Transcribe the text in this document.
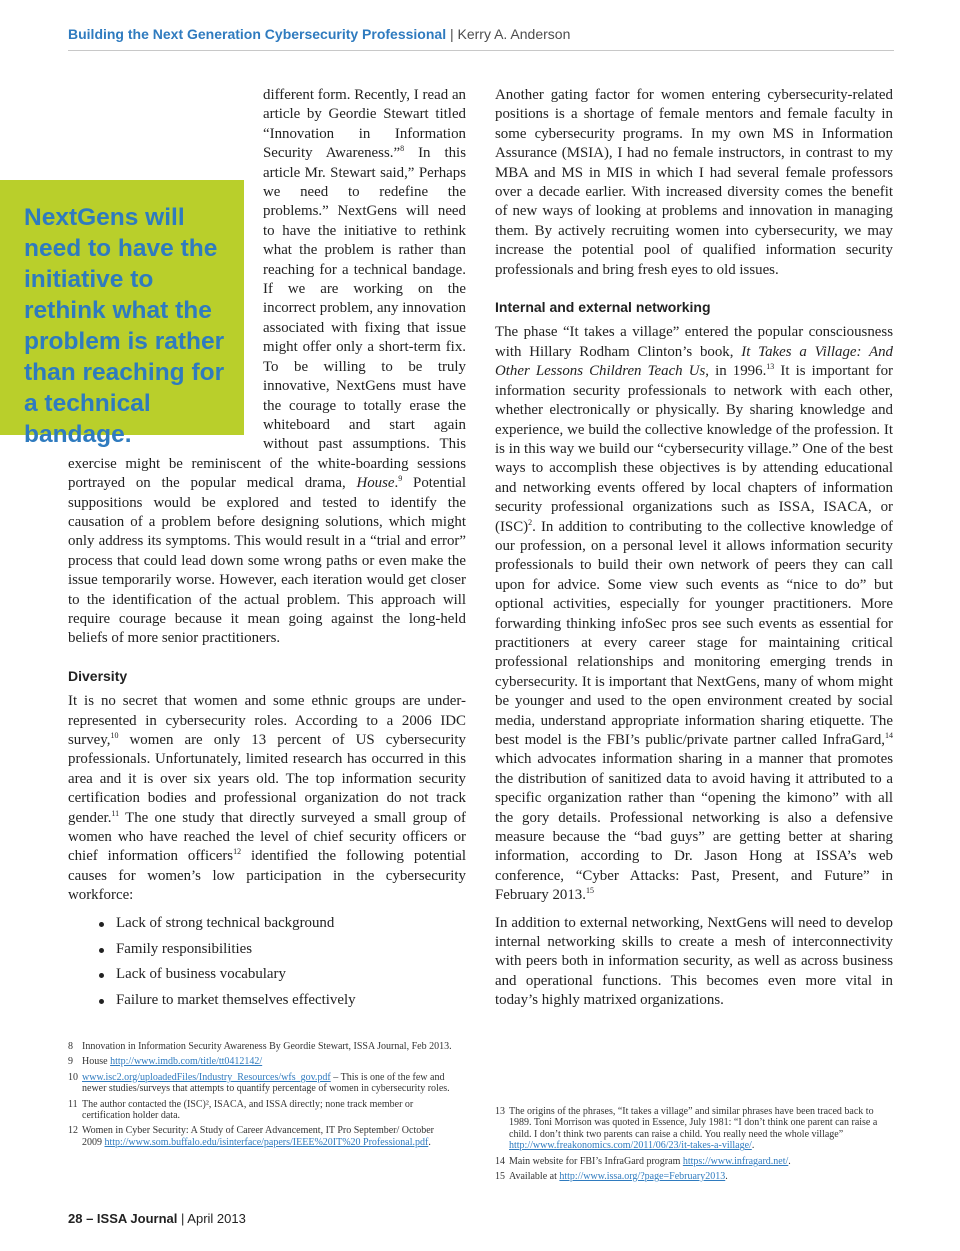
Building the Next Generation Cybersecurity Professional | Kerry A. Anderson
NextGens will need to have the initiative to rethink what the problem is rather than reaching for a technical bandage.

different form. Recently, I read an article by Geordie Stewart titled “Innovation in Information Security Awareness.”$^8$ In this article Mr. Stewart said,” Perhaps we need to redefine the problems.” NextGens will need to have the initiative to rethink what the problem is rather than reaching for a technical bandage. If we are working on the incorrect problem, any innovation associated with fixing that issue might offer only a short-term fix. To be willing to be truly innovative, NextGens must have the courage to totally erase the whiteboard and start again without past assumptions. This exercise might be reminiscent of the white-boarding sessions portrayed on the popular medical drama, House.$^9$ Potential suppositions would be explored and tested to identify the causation of a problem before designing solutions, which might only address its symptoms. This would result in a “trial and error” process that could lead down some wrong paths or even make the issue temporarily worse. However, each iteration would get closer to the identification of the actual problem. This approach will require courage because it mean going against the long-held beliefs of more senior practitioners.

Diversity

It is no secret that women and some ethnic groups are under-represented in cybersecurity roles. According to a 2006 IDC survey,$^{10}$ women are only 13 percent of US cybersecurity professionals. Unfortunately, limited research has occurred in this area and it is over six years old. The top information security certification bodies and professional organization do not track gender.$^{11}$ The one study that directly surveyed a small group of women who have reached the level of chief security officers or chief information officers$^{12}$ identified the following potential causes for women’s low participation in the cybersecurity workforce:

Lack of strong technical background
Family responsibilities
Lack of business vocabulary
Failure to market themselves effectively

Another gating factor for women entering cybersecurity-related positions is a shortage of female mentors and female faculty in some cybersecurity programs. In my own MS in Information Assurance (MSIA), I had no female instructors, in contrast to my MBA and MS in MIS in which I had several female professors over a decade earlier. With increased diversity comes the benefit of new ways of looking at problems and innovation in managing them. By actively recruiting women into cybersecurity, we may increase the potential pool of qualified information security professionals and bring fresh eyes to old issues.

Internal and external networking

The phase “It takes a village” entered the popular consciousness with Hillary Rodham Clinton’s book, It Takes a Village: And Other Lessons Children Teach Us, in 1996.13 It is important for information security professionals to network with each other, whether electronically or physically. By sharing knowledge and experience, we build the collective knowledge of the profession. It is in this way we build our “cybersecurity village.” One of the best ways to accomplish these objectives is by attending educational and networking events offered by local chapters of information security professional organizations such as ISSA, ISACA, or (ISC)$^2$. In addition to contributing to the collective knowledge of our profession, on a personal level it allows information security professionals to build their own network of peers they can call upon for advice. Some view such events as “nice to do” but optional activities, especially for younger practitioners. More forwarding thinking infoSec pros see such events as essential for practitioners at every career stage for maintaining critical professional relationships and monitoring emerging trends in cybersecurity. It is important that NextGens, many of whom might be younger and used to the open environment created by social media, understand appropriate information sharing etiquette. The best model is the FBI’s public/private partner called InfraGard,$^{14}$ which advocates information sharing in a manner that promotes the distribution of sanitized data to avoid having it attributed to a specific organization rather than “opening the kimono” with all the gory details. Professional networking is also a defensive measure because the “bad guys” are getting better at sharing information, according to Dr. Jason Hong at ISSA’s web conference, “Cyber Attacks: Past, Present, and Future” in February 2013.15

In addition to external networking, NextGens will need to develop internal networking skills to create a mesh of interconnectivity with peers both in information security, as well as across business and operational functions. This becomes even more vital in today’s highly matrixed organizations.

8 Innovation in Information Security Awareness By Geordie Stewart, ISSA Journal, Feb 2013.
9 House http://www.imdb.com/title/tt0412142/
10 www.isc2.org/uploadedFiles/Industry_Resources/wfs_gov.pdf – This is one of the few and newer studies/surveys that attempts to quantify percentage of women in cybersecurity roles.
11 The author contacted the (ISC)², ISACA, and ISSA directly; none track member or certification holder data.
12 Women in Cyber Security: A Study of Career Advancement, IT Pro September/ October 2009 http://www.som.buffalo.edu/isinterface/papers/IEEE%20IT%20 Professional.pdf.
13 The origins of the phrases, “It takes a village” and similar phrases have been traced back to 1989. Toni Morrison was quoted in Essence, July 1981: “I don’t think one parent can raise a child. I don’t think two parents can raise a child. You really need the whole village” http://www.freakonomics.com/2011/06/23/it-takes-a-village/.
14 Main website for FBI’s InfraGard program https://www.infragard.net/.
15 Available at http://www.issa.org/?page=February2013.
28 – ISSA Journal | April 2013
